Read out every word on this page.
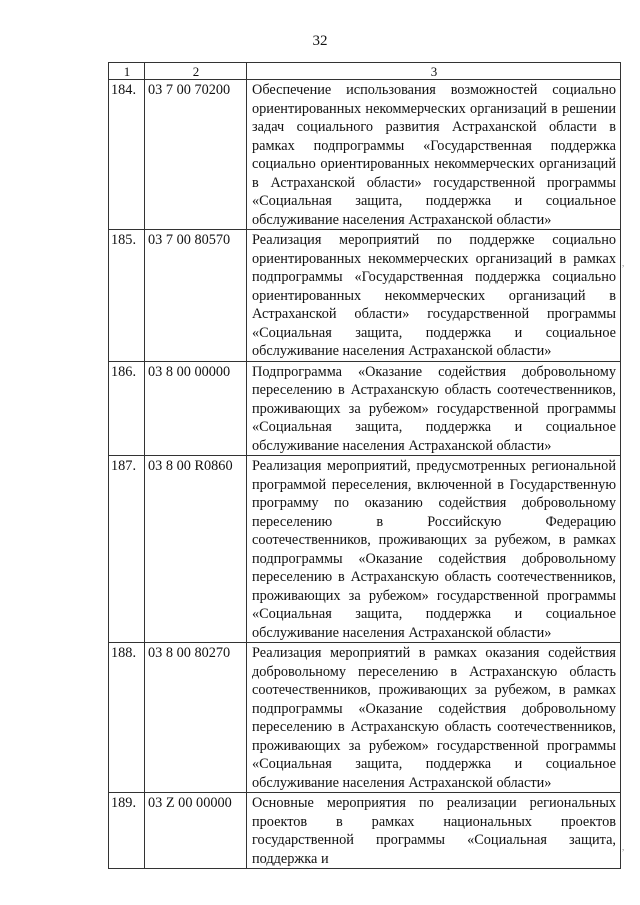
32
1	2	3
184.	03 7 00 70200	Обеспечение использования возможностей социально ориентированных некоммерческих организаций в решении задач социального развития Астраханской области в рамках подпрограммы «Государственная поддержка социально ориентированных некоммерческих организаций в Астраханской области» государственной программы «Социальная защита, поддержка и социальное обслуживание населения Астраханской области»
185.	03 7 00 80570	Реализация мероприятий по поддержке социально ориентированных некоммерческих организаций в рамках подпрограммы «Государственная поддержка социально ориентированных некоммерческих организаций в Астраханской области» государственной программы «Социальная защита, поддержка и социальное обслуживание населения Астраханской области»
186.	03 8 00 00000	Подпрограмма «Оказание содействия добровольному переселению в Астраханскую область соотечественников, проживающих за рубежом» государственной программы «Социальная защита, поддержка и социальное обслуживание населения Астраханской области»
187.	03 8 00 R0860	Реализация мероприятий, предусмотренных региональной программой переселения, включенной в Государственную программу по оказанию содействия добровольному переселению в Российскую Федерацию соотечественников, проживающих за рубежом, в рамках подпрограммы «Оказание содействия добровольному переселению в Астраханскую область соотечественников, проживающих за рубежом» государственной программы «Социальная защита, поддержка и социальное обслуживание населения Астраханской области»
188.	03 8 00 80270	Реализация мероприятий в рамках оказания содействия добровольному переселению в Астраханскую область соотечественников, проживающих за рубежом, в рамках подпрограммы «Оказание содействия добровольному переселению в Астраханскую область соотечественников, проживающих за рубежом» государственной программы «Социальная защита, поддержка и социальное обслуживание населения Астраханской области»
189.	03 Z 00 00000	Основные мероприятия по реализации региональных проектов в рамках национальных проектов государственной программы «Социальная защита, поддержка и
,
,
